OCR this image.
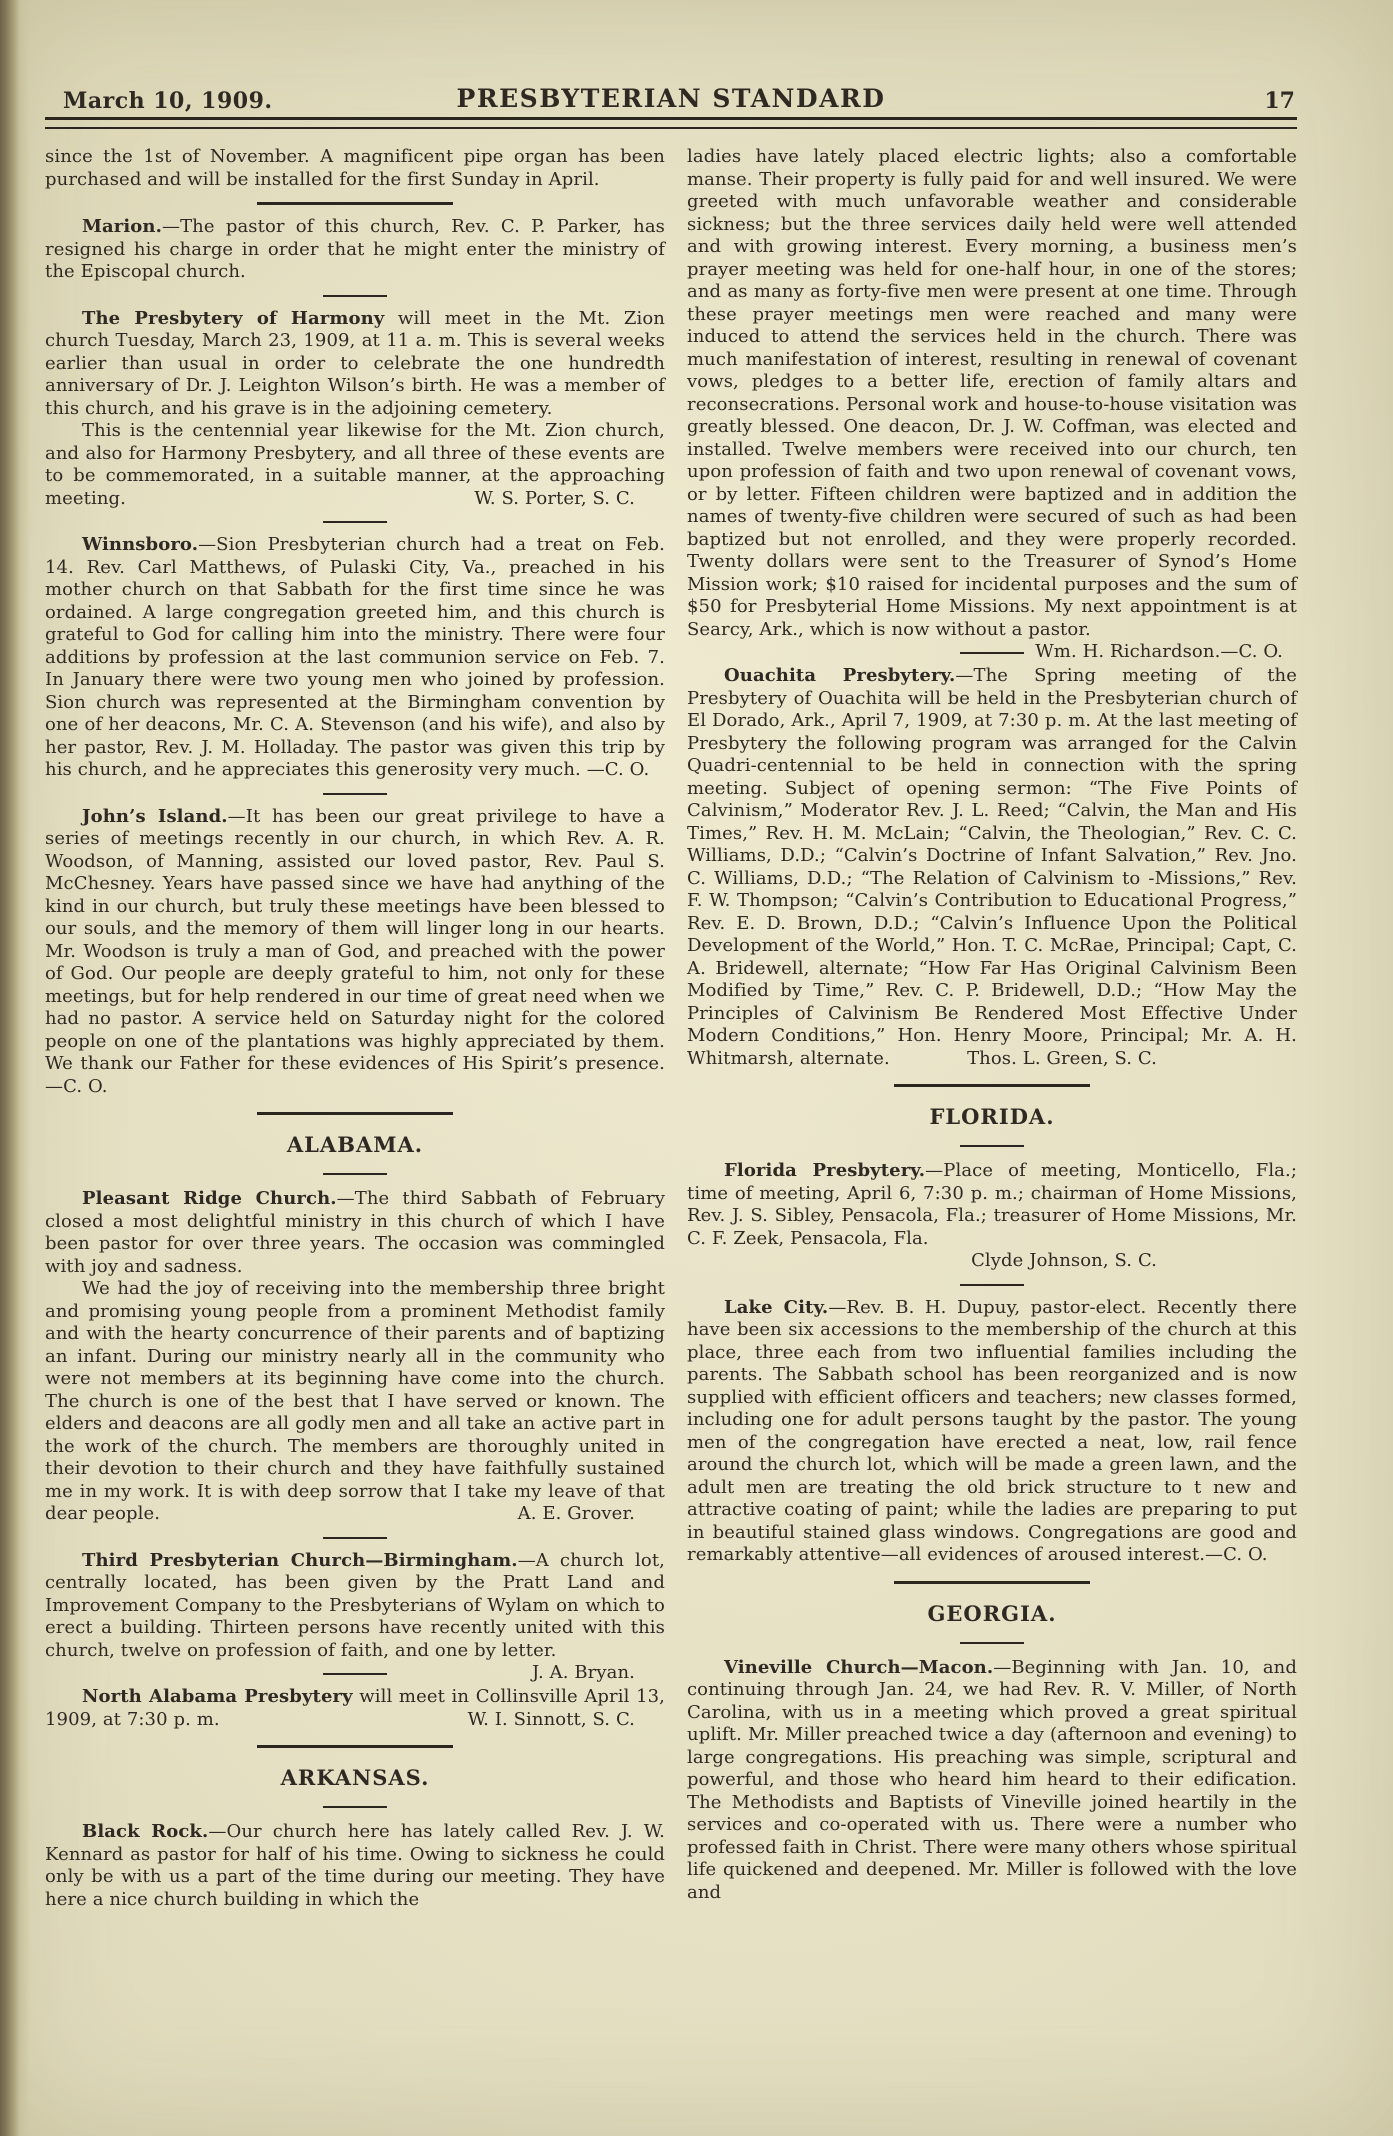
March 10, 1909.	PRESBYTERIAN STANDARD	17

since the 1st of November. A magnificent pipe organ has been purchased and will be installed for the first Sunday in April.

Marion.—The pastor of this church, Rev. C. P. Parker, has resigned his charge in order that he might enter the ministry of the Episcopal church.

The Presbytery of Harmony will meet in the Mt. Zion church Tuesday, March 23, 1909, at 11 a. m. This is several weeks earlier than usual in order to celebrate the one hundredth anniversary of Dr. J. Leighton Wilson’s birth. He was a member of this church, and his grave is in the adjoining cemetery.

This is the centennial year likewise for the Mt. Zion church, and also for Harmony Presbytery, and all three of these events are to be commemorated, in a suitable manner, at the approaching meeting.	W. S. Porter, S. C.

Winnsboro.—Sion Presbyterian church had a treat on Feb. 14. Rev. Carl Matthews, of Pulaski City, Va., preached in his mother church on that Sabbath for the first time since he was ordained. A large congregation greeted him, and this church is grateful to God for calling him into the ministry. There were four additions by profession at the last communion service on Feb. 7. In January there were two young men who joined by profession. Sion church was represented at the Birmingham convention by one of her deacons, Mr. C. A. Stevenson (and his wife), and also by her pastor, Rev. J. M. Holladay. The pastor was given this trip by his church, and he appreciates this generosity very much. —C. O.

John’s Island.—It has been our great privilege to have a series of meetings recently in our church, in which Rev. A. R. Woodson, of Manning, assisted our loved pastor, Rev. Paul S. McChesney. Years have passed since we have had anything of the kind in our church, but truly these meetings have been blessed to our souls, and the memory of them will linger long in our hearts. Mr. Woodson is truly a man of God, and preached with the power of God. Our people are deeply grateful to him, not only for these meetings, but for help rendered in our time of great need when we had no pastor. A service held on Saturday night for the colored people on one of the plantations was highly appreciated by them. We thank our Father for these evidences of His Spirit’s presence.—C. O.

ALABAMA.

Pleasant Ridge Church.—The third Sabbath of February closed a most delightful ministry in this church of which I have been pastor for over three years. The occasion was commingled with joy and sadness.

We had the joy of receiving into the membership three bright and promising young people from a prominent Methodist family and with the hearty concurrence of their parents and of baptizing an infant. During our ministry nearly all in the community who were not members at its beginning have come into the church. The church is one of the best that I have served or known. The elders and deacons are all godly men and all take an active part in the work of the church. The members are thoroughly united in their devotion to their church and they have faithfully sustained me in my work. It is with deep sorrow that I take my leave of that dear people.	A. E. Grover.

Third Presbyterian Church—Birmingham.—A church lot, centrally located, has been given by the Pratt Land and Improvement Company to the Presbyterians of Wylam on which to erect a building. Thirteen persons have recently united with this church, twelve on profession of faith, and one by letter.
J. A. Bryan.

North Alabama Presbytery will meet in Collinsville April 13, 1909, at 7:30 p. m.	W. I. Sinnott, S. C.

ARKANSAS.

Black Rock.—Our church here has lately called Rev. J. W. Kennard as pastor for half of his time. Owing to sickness he could only be with us a part of the time during our meeting. They have here a nice church building in which the

ladies have lately placed electric lights; also a comfortable manse. Their property is fully paid for and well insured. We were greeted with much unfavorable weather and considerable sickness; but the three services daily held were well attended and with growing interest. Every morning, a business men’s prayer meeting was held for one-half hour, in one of the stores; and as many as forty-five men were present at one time. Through these prayer meetings men were reached and many were induced to attend the services held in the church. There was much manifestation of interest, resulting in renewal of covenant vows, pledges to a better life, erection of family altars and reconsecrations. Personal work and house-to-house visitation was greatly blessed. One deacon, Dr. J. W. Coffman, was elected and installed. Twelve members were received into our church, ten upon profession of faith and two upon renewal of covenant vows, or by letter. Fifteen children were baptized and in addition the names of twenty-five children were secured of such as had been baptized but not enrolled, and they were properly recorded. Twenty dollars were sent to the Treasurer of Synod’s Home Mission work; $10 raised for incidental purposes and the sum of $50 for Presbyterial Home Missions. My next appointment is at Searcy, Ark., which is now without a pastor.
Wm. H. Richardson.—C. O.

Ouachita Presbytery.—The Spring meeting of the Presbytery of Ouachita will be held in the Presbyterian church of El Dorado, Ark., April 7, 1909, at 7:30 p. m. At the last meeting of Presbytery the following program was arranged for the Calvin Quadri-centennial to be held in connection with the spring meeting. Subject of opening sermon: “The Five Points of Calvinism,” Moderator Rev. J. L. Reed; “Calvin, the Man and His Times,” Rev. H. M. McLain; “Calvin, the Theologian,” Rev. C. C. Williams, D.D.; “Calvin’s Doctrine of Infant Salvation,” Rev. Jno. C. Williams, D.D.; “The Relation of Calvinism to -Missions,” Rev. F. W. Thompson; “Calvin’s Contribution to Educational Progress,” Rev. E. D. Brown, D.D.; “Calvin’s Influence Upon the Political Development of the World,” Hon. T. C. McRae, Principal; Capt, C. A. Bridewell, alternate; “How Far Has Original Calvinism Been Modified by Time,” Rev. C. P. Bridewell, D.D.; “How May the Principles of Calvinism Be Rendered Most Effective Under Modern Conditions,” Hon. Henry Moore, Principal; Mr. A. H. Whitmarsh, alternate.	Thos. L. Green, S. C.

FLORIDA.

Florida Presbytery.—Place of meeting, Monticello, Fla.; time of meeting, April 6, 7:30 p. m.; chairman of Home Missions, Rev. J. S. Sibley, Pensacola, Fla.; treasurer of Home Missions, Mr. C. F. Zeek, Pensacola, Fla.

Clyde Johnson, S. C.

Lake City.—Rev. B. H. Dupuy, pastor-elect. Recently there have been six accessions to the membership of the church at this place, three each from two influential families including the parents. The Sabbath school has been reorganized and is now supplied with efficient officers and teachers; new classes formed, including one for adult persons taught by the pastor. The young men of the congregation have erected a neat, low, rail fence around the church lot, which will be made a green lawn, and the adult men are treating the old brick structure to t new and attractive coating of paint; while the ladies are preparing to put in beautiful stained glass windows. Congregations are good and remarkably attentive—all evidences of aroused interest.—C. O.

GEORGIA.

Vineville Church—Macon.—Beginning with Jan. 10, and continuing through Jan. 24, we had Rev. R. V. Miller, of North Carolina, with us in a meeting which proved a great spiritual uplift. Mr. Miller preached twice a day (afternoon and evening) to large congregations. His preaching was simple, scriptural and powerful, and those who heard him heard to their edification. The Methodists and Baptists of Vineville joined heartily in the services and co-operated with us. There were a number who professed faith in Christ. There were many others whose spiritual life quickened and deepened. Mr. Miller is followed with the love and
